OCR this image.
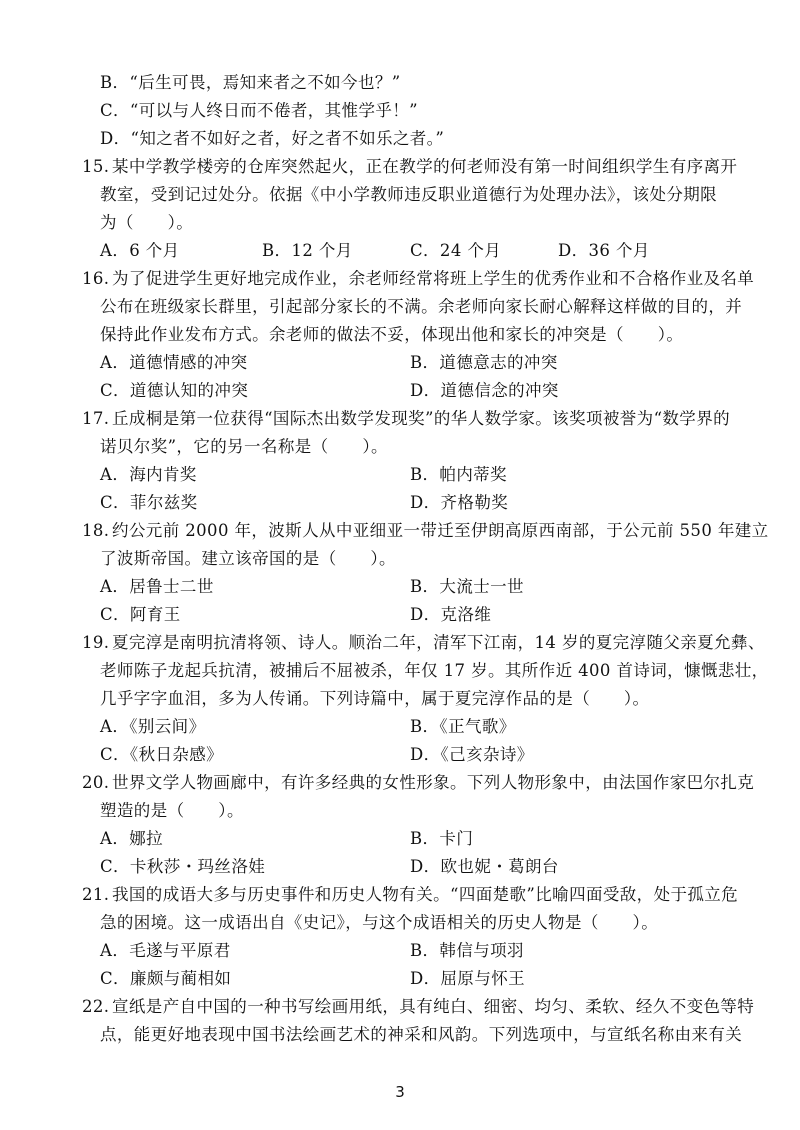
B．“后生可畏，焉知来者之不如今也？”
C．“可以与人终日而不倦者，其惟学乎！”
D．“知之者不如好之者，好之者不如乐之者。”
15. 某中学教学楼旁的仓库突然起火，正在教学的何老师没有第一时间组织学生有序离开
教室，受到记过处分。依据《中小学教师违反职业道德行为处理办法》，该处分期限
为（　　）。
A．6 个月	B．12 个月	C．24 个月	D．36 个月
16. 为了促进学生更好地完成作业，余老师经常将班上学生的优秀作业和不合格作业及名单
公布在班级家长群里，引起部分家长的不满。余老师向家长耐心解释这样做的目的，并
保持此作业发布方式。余老师的做法不妥，体现出他和家长的冲突是（　　）。
A．道德情感的冲突	B．道德意志的冲突
C．道德认知的冲突	D．道德信念的冲突
17. 丘成桐是第一位获得“国际杰出数学发现奖”的华人数学家。该奖项被誉为“数学界的
诺贝尔奖”，它的另一名称是（　　）。
A．海内肯奖	B．帕内蒂奖
C．菲尔兹奖	D．齐格勒奖
18. 约公元前 2000 年，波斯人从中亚细亚一带迁至伊朗高原西南部，于公元前 550 年建立
了波斯帝国。建立该帝国的是（　　）。
A．居鲁士二世	B．大流士一世
C．阿育王	D．克洛维
19. 夏完淳是南明抗清将领、诗人。顺治二年，清军下江南，14 岁的夏完淳随父亲夏允彝、
老师陈子龙起兵抗清，被捕后不屈被杀，年仅 17 岁。其所作近 400 首诗词，慷慨悲壮，
几乎字字血泪，多为人传诵。下列诗篇中，属于夏完淳作品的是（　　）。
A．《别云间》	B．《正气歌》
C．《秋日杂感》	D．《己亥杂诗》
20. 世界文学人物画廊中，有许多经典的女性形象。下列人物形象中，由法国作家巴尔扎克
塑造的是（　　）。
A．娜拉	B．卡门
C．卡秋莎・玛丝洛娃	D．欧也妮・葛朗台
21. 我国的成语大多与历史事件和历史人物有关。“四面楚歌”比喻四面受敌，处于孤立危
急的困境。这一成语出自《史记》，与这个成语相关的历史人物是（　　）。
A．毛遂与平原君	B．韩信与项羽
C．廉颇与蔺相如	D．屈原与怀王
22. 宣纸是产自中国的一种书写绘画用纸，具有纯白、细密、均匀、柔软、经久不变色等特
点，能更好地表现中国书法绘画艺术的神采和风韵。下列选项中，与宣纸名称由来有关
3
